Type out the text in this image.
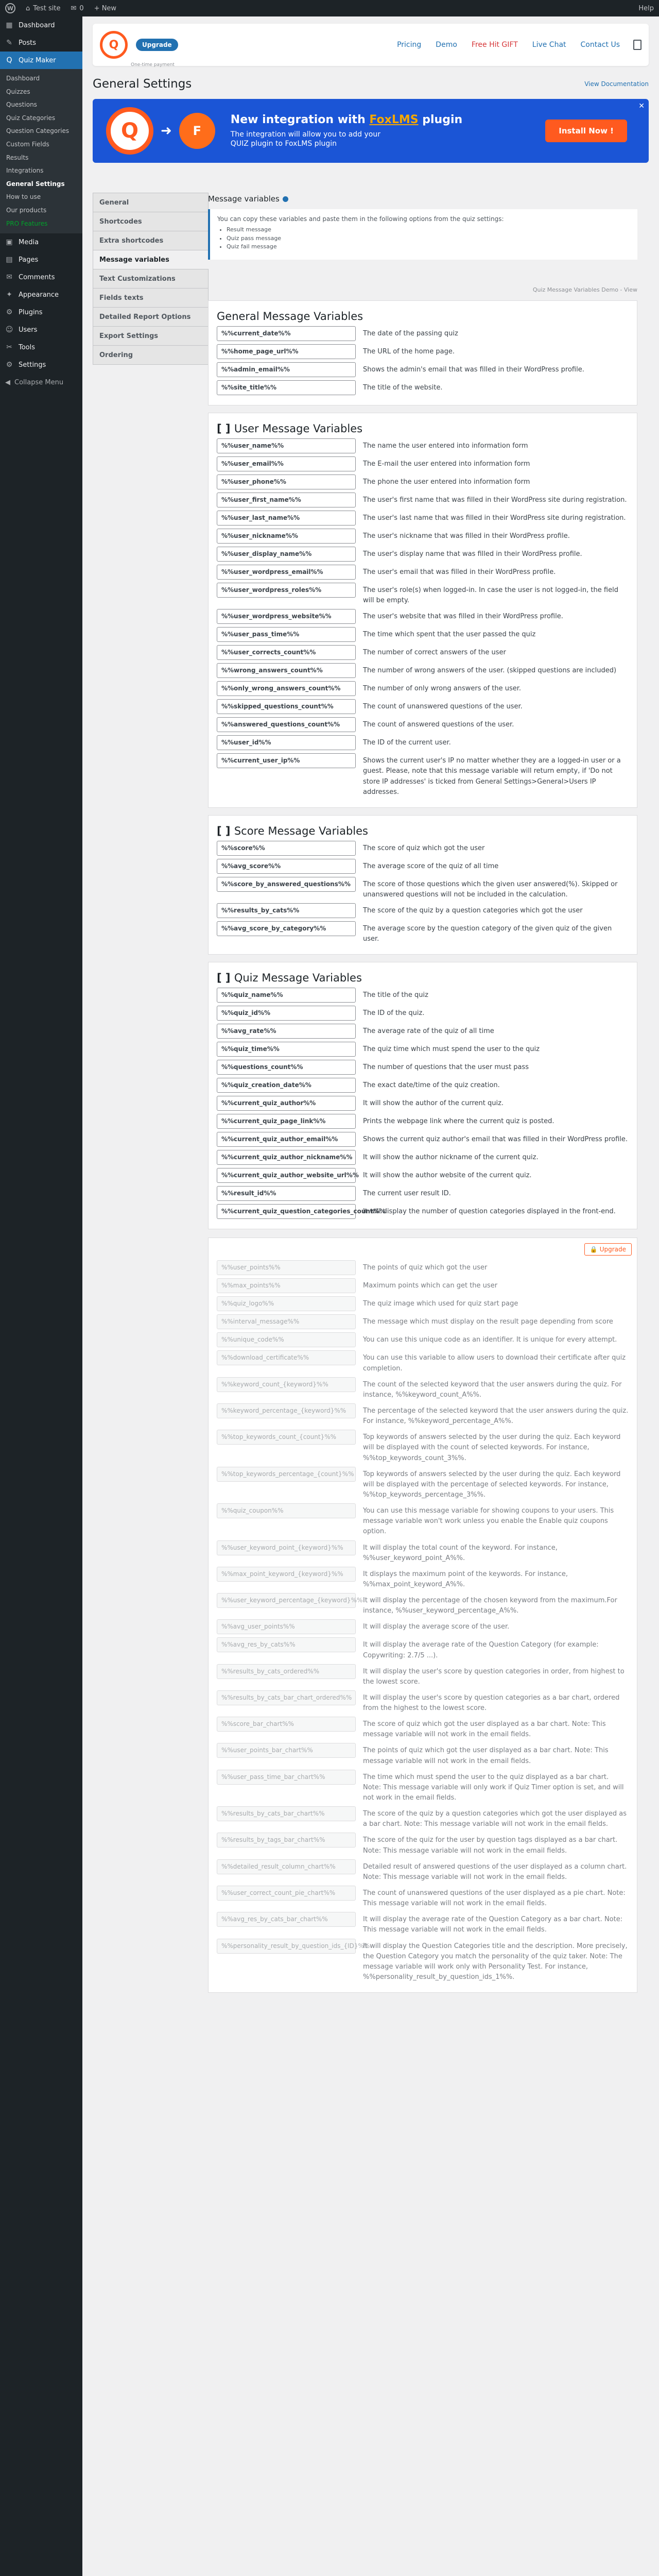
W	⌂ Test site ✉ 0 + New	Help
▦ Dashboard
✎ Posts
Q Quiz Maker
Dashboard
Quizzes
Questions
Quiz Categories
Question Categories
Custom Fields
Results
Integrations
General Settings
How to use
Our products
PRO Features
▣ Media
▤ Pages
✉ Comments
✦ Appearance
⚙ Plugins
☺ Users
✂ Tools
⚙ Settings
◀ Collapse Menu
Q	Upgrade
One-time payment
Pricing Demo Free Hit GIFT Live Chat Contact Us
General Settings	View Documentation
Q	➜	F
New integration with FoxLMS plugin
The integration will allow you to add your
QUIZ plugin to FoxLMS plugin
Install Now !
✕
General
Shortcodes
Extra shortcodes
Message variables
Text Customizations
Fields texts
Detailed Report Options
Export Settings
Ordering
Message variables
You can copy these variables and paste them in the following options from the quiz settings:
• Result message
• Quiz pass message
• Quiz fail message
Quiz Message Variables Demo - View
General Message Variables
%%current_date%%	The date of the passing quiz
%%home_page_url%%	The URL of the home page.
%%admin_email%%	Shows the admin's email that was filled in their WordPress profile.
%%site_title%%	The title of the website.
[ ] User Message Variables
%%user_name%%	The name the user entered into information form
%%user_email%%	The E-mail the user entered into information form
%%user_phone%%	The phone the user entered into information form
%%user_first_name%%	The user's first name that was filled in their WordPress site during registration.
%%user_last_name%%	The user's last name that was filled in their WordPress site during registration.
%%user_nickname%%	The user's nickname that was filled in their WordPress profile.
%%user_display_name%%	The user's display name that was filled in their WordPress profile.
%%user_wordpress_email%%	The user's email that was filled in their WordPress profile.
%%user_wordpress_roles%%	The user's role(s) when logged-in. In case the user is not logged-in, the field will be empty.
%%user_wordpress_website%%	The user's website that was filled in their WordPress profile.
%%user_pass_time%%	The time which spent that the user passed the quiz
%%user_corrects_count%%	The number of correct answers of the user
%%wrong_answers_count%%	The number of wrong answers of the user. (skipped questions are included)
%%only_wrong_answers_count%%	The number of only wrong answers of the user.
%%skipped_questions_count%%	The count of unanswered questions of the user.
%%answered_questions_count%%	The count of answered questions of the user.
%%user_id%%	The ID of the current user.
%%current_user_ip%%	Shows the current user's IP no matter whether they are a logged-in user or a guest. Please, note that this message variable will return empty, if 'Do not store IP addresses' is ticked from General Settings>General>Users IP addresses.
[ ] Score Message Variables
%%score%%	The score of quiz which got the user
%%avg_score%%	The average score of the quiz of all time
%%score_by_answered_questions%%	The score of those questions which the given user answered(%). Skipped or unanswered questions will not be included in the calculation.
%%results_by_cats%%	The score of the quiz by a question categories which got the user
%%avg_score_by_category%%	The average score by the question category of the given quiz of the given user.
[ ] Quiz Message Variables
%%quiz_name%%	The title of the quiz
%%quiz_id%%	The ID of the quiz.
%%avg_rate%%	The average rate of the quiz of all time
%%quiz_time%%	The quiz time which must spend the user to the quiz
%%questions_count%%	The number of questions that the user must pass
%%quiz_creation_date%%	The exact date/time of the quiz creation.
%%current_quiz_author%%	It will show the author of the current quiz.
%%current_quiz_page_link%%	Prints the webpage link where the current quiz is posted.
%%current_quiz_author_email%%	Shows the current quiz author's email that was filled in their WordPress profile.
%%current_quiz_author_nickname%%	It will show the author nickname of the current quiz.
%%current_quiz_author_website_url%% It will show the author website of the current quiz.
%%result_id%%	The current user result ID.
%%current_quiz_question_categories_count%%
It will display the number of question categories displayed in the front-end.
🔒 Upgrade
%%user_points%%	The points of quiz which got the user
%%max_points%%	Maximum points which can get the user
%%quiz_logo%%	The quiz image which used for quiz start page
%%interval_message%%	The message which must display on the result page depending from score
%%unique_code%%	You can use this unique code as an identifier. It is unique for every attempt.
%%download_certificate%%	You can use this variable to allow users to download their certificate after quiz completion.
%%keyword_count_{keyword}%%	The count of the selected keyword that the user answers during the quiz. For instance, %%keyword_count_A%%.
%%keyword_percentage_{keyword}%%	The percentage of the selected keyword that the user answers during the quiz. For instance, %%keyword_percentage_A%%.
%%top_keywords_count_{count}%%	Top keywords of answers selected by the user during the quiz. Each keyword will be displayed with the count of selected keywords. For instance, %%top_keywords_count_3%%.
%%top_keywords_percentage_{count}%% Top keywords of answers selected by the user during the quiz. Each keyword will be displayed with the percentage of selected keywords. For instance, %%top_keywords_percentage_3%%.
%%quiz_coupon%%	You can use this message variable for showing coupons to your users. This message variable won't work unless you enable the Enable quiz coupons option.
%%user_keyword_point_{keyword}%%	It will display the total count of the keyword. For instance, %%user_keyword_point_A%%.
%%max_point_keyword_{keyword}%%	It displays the maximum point of the keywords. For instance, %%max_point_keyword_A%%.
%%user_keyword_percentage_{keyword}%% It will display the percentage of the chosen keyword from the maximum.For instance, %%user_keyword_percentage_A%%.
%%avg_user_points%%	It will display the average score of the user.
%%avg_res_by_cats%%	It will display the average rate of the Question Category (for example: Copywriting: 2.7/5 ...).
%%results_by_cats_ordered%%	It will display the user's score by question categories in order, from highest to the lowest score.
%%results_by_cats_bar_chart_ordered%%	It will display the user's score by question categories as a bar chart, ordered from the highest to the lowest score.
%%score_bar_chart%%	The score of quiz which got the user displayed as a bar chart. Note: This message variable will not work in the email fields.
%%user_points_bar_chart%%	The points of quiz which got the user displayed as a bar chart. Note: This message variable will not work in the email fields.
%%user_pass_time_bar_chart%%	The time which must spend the user to the quiz displayed as a bar chart. Note: This message variable will only work if Quiz Timer option is set, and will not work in the email fields.
%%results_by_cats_bar_chart%%	The score of the quiz by a question categories which got the user displayed as a bar chart. Note: This message variable will not work in the email fields.
%%results_by_tags_bar_chart%%	The score of the quiz for the user by question tags displayed as a bar chart. Note: This message variable will not work in the email fields.
%%detailed_result_column_chart%%	Detailed result of answered questions of the user displayed as a column chart. Note: This message variable will not work in the email fields.
%%user_correct_count_pie_chart%%	The count of unanswered questions of the user displayed as a pie chart. Note: This message variable will not work in the email fields.
%%avg_res_by_cats_bar_chart%%	It will display the average rate of the Question Category as a bar chart. Note: This message variable will not work in the email fields.
%%personality_result_by_question_ids_{ID}%%
It will display the Question Categories title and the description. More precisely, the Question Category you match the personality of the quiz taker. Note: The message variable will work only with Personality Test. For instance, %%personality_result_by_question_ids_1%%.
